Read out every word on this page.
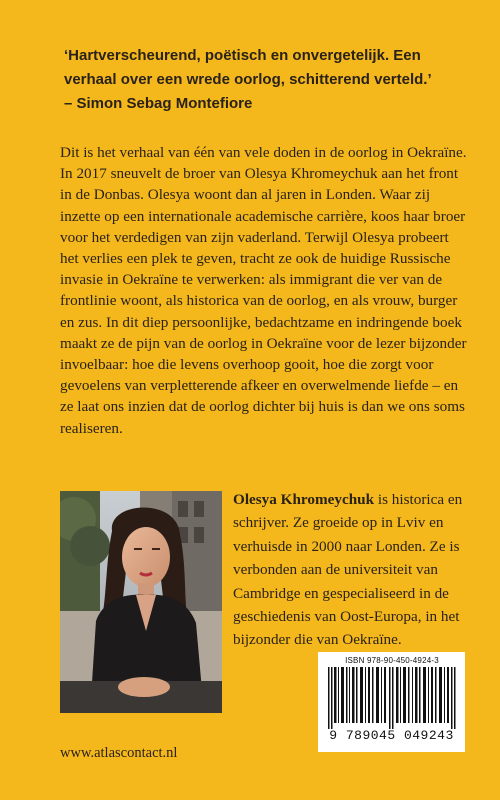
‘Hartverscheurend, poëtisch en onvergetelijk. Een verhaal over een wrede oorlog, schitterend verteld.’
– Simon Sebag Montefiore
Dit is het verhaal van één van vele doden in de oorlog in Oekraïne. In 2017 sneuvelt de broer van Olesya Khromeychuk aan het front in de Donbas. Olesya woont dan al jaren in Londen. Waar zij inzette op een internationale academische carrière, koos haar broer voor het verdedigen van zijn vaderland. Terwijl Olesya probeert het verlies een plek te geven, tracht ze ook de huidige Russische invasie in Oekraïne te verwerken: als immigrant die ver van de frontlinie woont, als historica van de oorlog, en als vrouw, burger en zus. In dit diep persoonlijke, bedachtzame en indringende boek maakt ze de pijn van de oorlog in Oekraïne voor de lezer bijzonder invoelbaar: hoe die levens overhoop gooit, hoe die zorgt voor gevoelens van verpletterende afkeer en overwelmende liefde – en ze laat ons inzien dat de oorlog dichter bij huis is dan we ons soms realiseren.
Olesya Khromeychuk is historica en schrijver. Ze groeide op in Lviv en verhuisde in 2000 naar Londen. Ze is verbonden aan de universiteit van Cambridge en gespecialiseerd in de geschiedenis van Oost-Europa, in het bijzonder die van Oekraïne.
ISBN 978-90-450-4924-3
9 789045 049243
www.atlascontact.nl
